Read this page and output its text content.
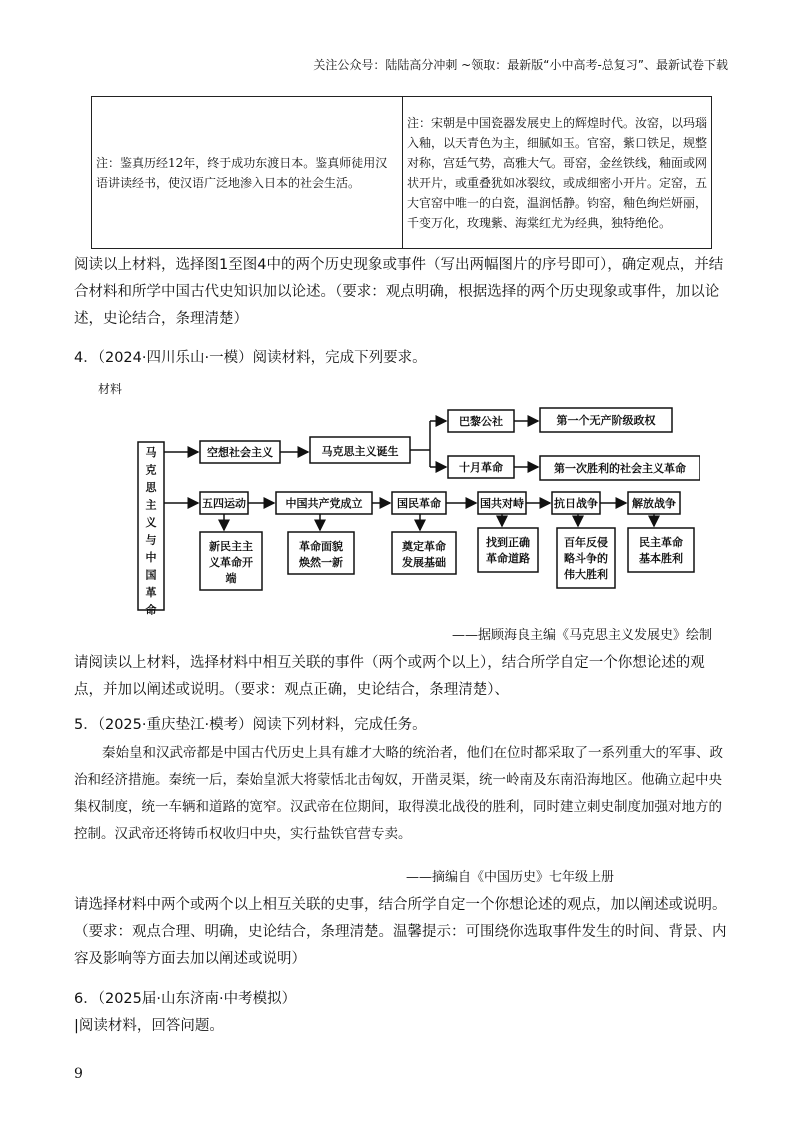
关注公众号：陆陆高分冲刺 ~领取：最新版“小中高考-总复习”、最新试卷下载
注：鉴真历经12年，终于成功东渡日本。鉴真师徒用汉语讲读经书，使汉语广泛地渗入日本的社会生活。	注：宋朝是中国瓷器发展史上的辉煌时代。汝窑，以玛瑙入釉，以天青色为主，细腻如玉。官窑，紫口铁足，规整对称，宫廷气势，高雅大气。哥窑，金丝铁线，釉面或网状开片，或重叠犹如冰裂纹，或成细密小开片。定窑，五大官窑中唯一的白瓷，温润恬静。钧窑，釉色绚烂妍丽，千变万化，玫瑰紫、海棠红尤为经典，独特绝伦。
阅读以上材料，选择图1至图4中的两个历史现象或事件（写出两幅图片的序号即可），确定观点，并结合材料和所学中国古代史知识加以论述。（要求：观点明确，根据选择的两个历史现象或事件，加以论述，史论结合，条理清楚）
4．（2024·四川乐山·一模）阅读材料，完成下列要求。
材料
马
克
思
主
义
与
中
国
革
命
空想社会主义	马克思主义诞生
巴黎公社	第一个无产阶级政权
十月革命	第一次胜利的社会主义革命
五四运动	中国共产党成立	国民革命	国共对峙	抗日战争	解放战争
新民主主
义革命开
端
革命面貌
焕然一新
奠定革命
发展基础
找到正确
革命道路
百年反侵
略斗争的
伟大胜利
民主革命
基本胜利
——据顾海良主编《马克思主义发展史》绘制
请阅读以上材料，选择材料中相互关联的事件（两个或两个以上），结合所学自定一个你想论述的观点，并加以阐述或说明。（要求：观点正确，史论结合，条理清楚）、
5．（2025·重庆垫江·模考）阅读下列材料，完成任务。
秦始皇和汉武帝都是中国古代历史上具有雄才大略的统治者，他们在位时都采取了一系列重大的军事、政治和经济措施。秦统一后，秦始皇派大将蒙恬北击匈奴，开凿灵渠，统一岭南及东南沿海地区。他确立起中央集权制度，统一车辆和道路的宽窄。汉武帝在位期间，取得漠北战役的胜利，同时建立刺史制度加强对地方的控制。汉武帝还将铸币权收归中央，实行盐铁官营专卖。
——摘编自《中国历史》七年级上册
请选择材料中两个或两个以上相互关联的史事，结合所学自定一个你想论述的观点，加以阐述或说明。（要求：观点合理、明确，史论结合，条理清楚。温馨提示：可围绕你选取事件发生的时间、背景、内容及影响等方面去加以阐述或说明）
6．（2025届·山东济南·中考模拟）
|阅读材料，回答问题。
9
